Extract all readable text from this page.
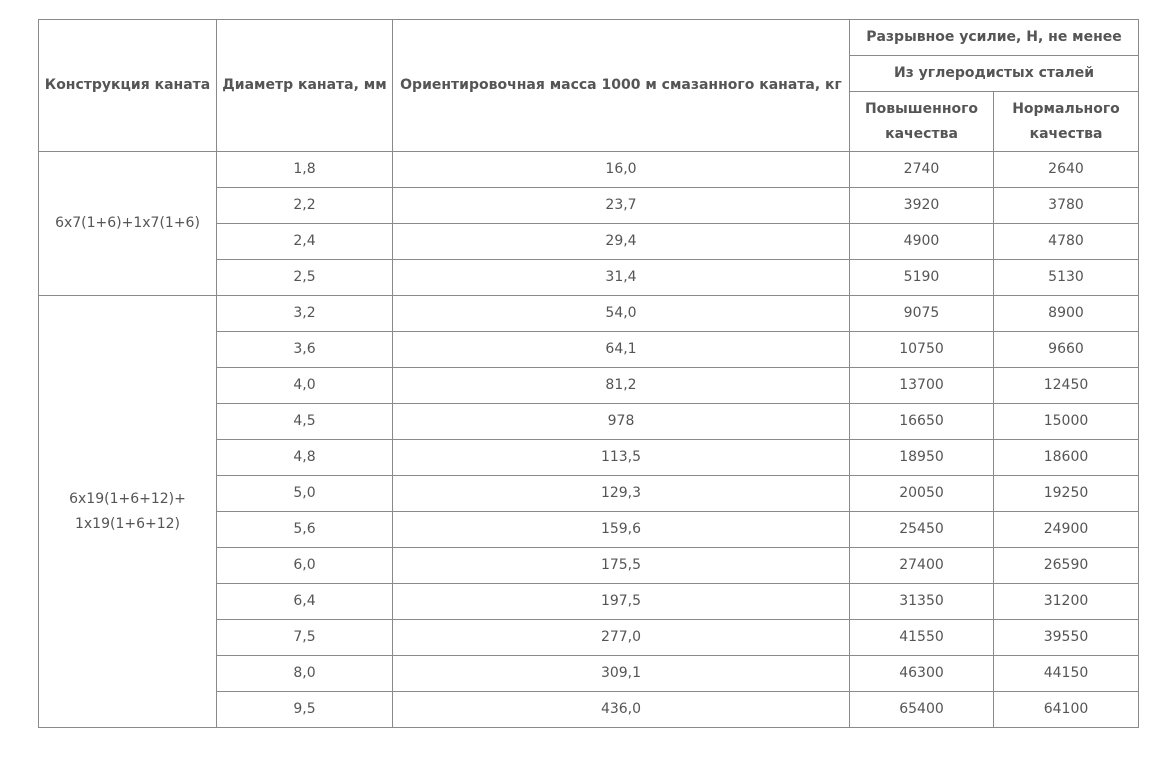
Конструкция каната	Диаметр каната, мм	Ориентировочная масса 1000 м смазанного каната, кг	Разрывное усилие, Н, не менее	
			Из углеродистых сталей	
			Повышенного качества	Нормального качества

6x7(1+6)+1x7(1+6)	1,8	16,0	2740	2640
	2,2	23,7	3920	3780
	2,4	29,4	4900	4780
	2,5	31,4	5190	5130

6x19(1+6+12)+
1x19(1+6+12)	3,2	54,0	9075	8900
	3,6	64,1	10750	9660
	4,0	81,2	13700	12450
	4,5	978	16650	15000
	4,8	113,5	18950	18600
	5,0	129,3	20050	19250
	5,6	159,6	25450	24900
	6,0	175,5	27400	26590
	6,4	197,5	31350	31200
	7,5	277,0	41550	39550
	8,0	309,1	46300	44150
	9,5	436,0	65400	64100
